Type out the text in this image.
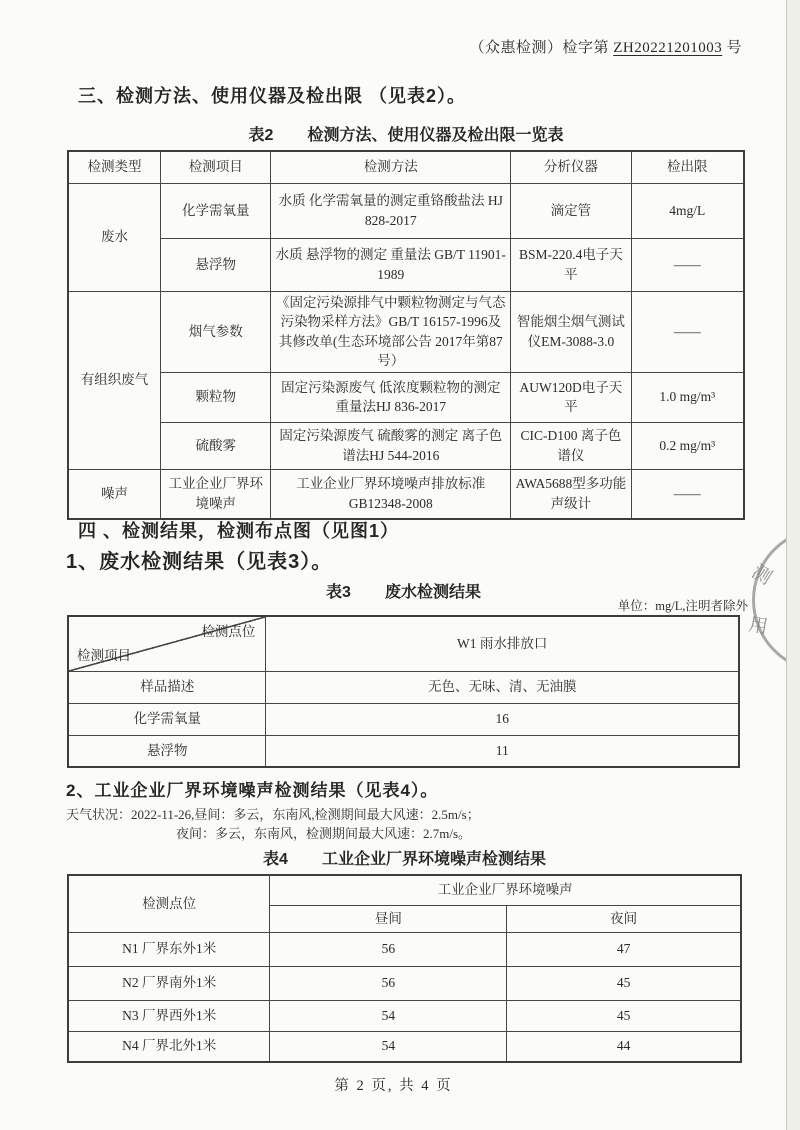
（众惠检测）检字第 ZH20221201003 号
三、检测方法、使用仪器及检出限 （见表2）。
表2 检测方法、使用仪器及检出限一览表
检测类型	检测项目	检测方法	分析仪器	检出限
废水	化学需氧量	水质 化学需氧量的测定重铬酸盐法 HJ 828-2017	滴定管	4mg/L
	悬浮物	水质 悬浮物的测定 重量法 GB/T 11901-1989	BSM-220.4电子天平	——
有组织废气	烟气参数	《固定污染源排气中颗粒物测定与气态污染物采样方法》GB/T 16157-1996及其修改单(生态环境部公告 2017年第87号）	智能烟尘烟气测试仪EM-3088-3.0	——
	颗粒物	固定污染源废气 低浓度颗粒物的测定 重量法HJ 836-2017	AUW120D电子天平	1.0 mg/m³
	硫酸雾	固定污染源废气 硫酸雾的测定 离子色谱法HJ 544-2016	CIC-D100 离子色谱仪	0.2 mg/m³
噪声	工业企业厂界环境噪声	工业企业厂界环境噪声排放标准 GB12348-2008	AWA5688型多功能声级计	——
四 、检测结果，检测布点图（见图1）
1、废水检测结果（见表3）。
表3 废水检测结果
单位：mg/L,注明者除外
检测点位
检测项目	W1 雨水排放口
样品描述	无色、无味、清、无油膜
化学需氧量	16
悬浮物	11
2、工业企业厂界环境噪声检测结果（见表4）。
天气状况：2022-11-26,昼间：多云，东南风,检测期间最大风速：2.5m/s；
夜间：多云，东南风，检测期间最大风速：2.7m/s。
表4 工业企业厂界环境噪声检测结果
检测点位	工业企业厂界环境噪声	
	昼间	夜间
N1 厂界东外1米	56	47
N2 厂界南外1米	56	45
N3 厂界西外1米	54	45
N4 厂界北外1米	54	44
第 2 页, 共 4 页
测
用
